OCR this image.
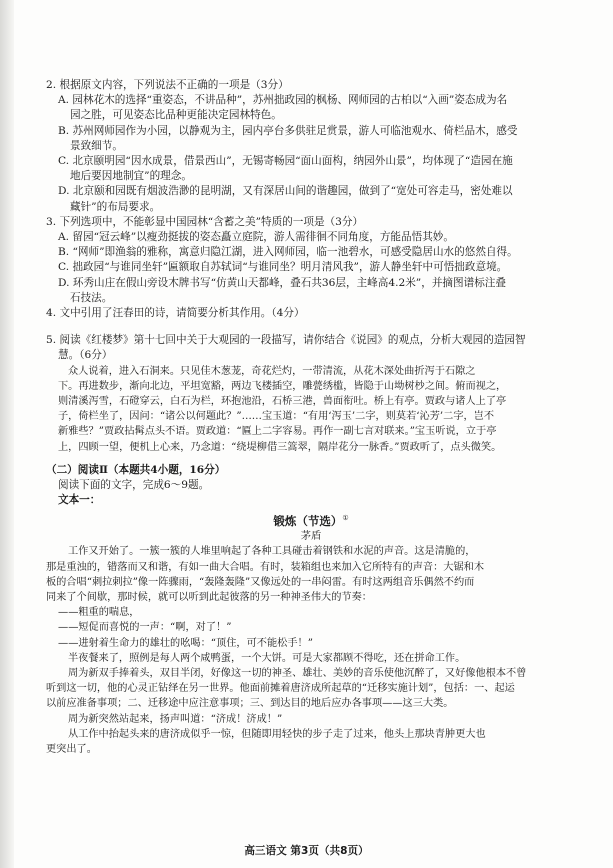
2. 根据原文内容，下列说法不正确的一项是（3分）
A. 园林花木的选择“重姿态，不讲品种”，苏州拙政园的枫杨、网师园的古柏以“入画”姿态成为名
园之胜，可见姿态比品种更能决定园林特色。
B. 苏州网师园作为小园，以静观为主，园内亭台多供驻足赏景，游人可临池观水、倚栏品木，感受
景致细节。
C. 北京颐明园“因水成景，借景西山”，无锡寄畅园“面山面构，纳园外山景”，均体现了“造园在施
地后要因地制宜”的理念。
D. 北京颐和园既有烟波浩渺的昆明湖，又有深居山间的谐趣园，做到了“宽处可容走马，密处难以
藏针”的布局要求。
3. 下列选项中，不能彰显中国园林“含蓄之美”特质的一项是（3分）
A. 留园“冠云峰”以瘦劲挺拔的姿态矗立庭院，游人需徘徊不同角度，方能品悟其妙。
B. “网师”即渔翁的雅称，寓意归隐江湖，进入网师园，临一池碧水，可感受隐居山水的悠然自得。
C. 拙政园“与谁同坐轩”匾额取自苏轼词“与谁同坐？明月清风我”，游人静坐轩中可悟拙政意境。
D. 环秀山庄在假山旁设木牌书写“仿黄山天都峰，叠石共36层，主峰高4.2米”，并摘图谱标注叠
石技法。
4. 文中引用了汪春田的诗，请简要分析其作用。（4分）
5. 阅读《红楼梦》第十七回中关于大观园的一段描写，请你结合《说园》的观点，分析大观园的造园智
慧。（6分）
众人说着，进入石洞来。只见佳木葱茏，奇花烂灼，一带清流，从花木深处曲折泻于石隙之
下。再进数步，渐向北边，平坦宽豁，两边飞楼插空，雕甍绣槛，皆隐于山坳树杪之间。俯而视之，
则清溪泻雪，石磴穿云，白石为栏，环抱池沿，石桥三港，兽面衔吐。桥上有亭。贾政与诸人上了亭
子，倚栏坐了，因问：“诸公以何题此？”……宝玉道：“有用‘泻玉’二字，则莫若‘沁芳’二字，岂不
新雅些？”贾政拈髯点头不语。贾政道：“匾上二字容易。再作一副七言对联来。”宝玉听说，立于亭
上，四顾一望，便机上心来，乃念道：“绕堤柳借三篙翠，隔岸花分一脉香。”贾政听了，点头微笑。
（二）阅读Ⅱ（本题共4小题，16分）
阅读下面的文字，完成6～9题。
文本一：
锻炼（节选）①
茅盾
工作又开始了。一簇一簇的人堆里响起了各种工具碰击着钢铁和水泥的声音。这是清脆的，
那是重浊的，错落而又和谐，有如一曲大合唱。有时，装箱组也来加入它所特有的声音：大锯和木
板的合唱“刺拉刺拉”像一阵骤雨，“轰隆轰隆”又像远处的一串闷雷。有时这两组音乐偶然不约而
同来了个间歇，那时候，就可以听到此起彼落的另一种神圣伟大的节奏：
——粗重的喘息，
——短促而喜悦的一声：“啊，对了！”
——进射着生命力的雄壮的吆喝：“顶住，可不能松手！”
半夜餐来了，照例是每人两个咸鸭蛋，一个大饼。可是大家都顾不得吃，还在拼命工作。
周为新双手捧着头，双目半闭，好像这一切的神圣、雄壮、美妙的音乐使他沉醉了，又好像他根本不曾
听到这一切，他的心灵正钻绎在另一世界。他面前摊着唐济成所起草的“迁移实施计划”，包括：一、起运
以前应准备事项；二、迁移途中应注意事项；三、到达目的地后应办各事项——这三大类。
周为新突然站起来，扬声叫道：“济成！济成！”
从工作中抬起头来的唐济成似乎一惊，但随即用轻快的步子走了过来，他头上那块青肿更大也
更突出了。
高三语文 第3页（共8页）
